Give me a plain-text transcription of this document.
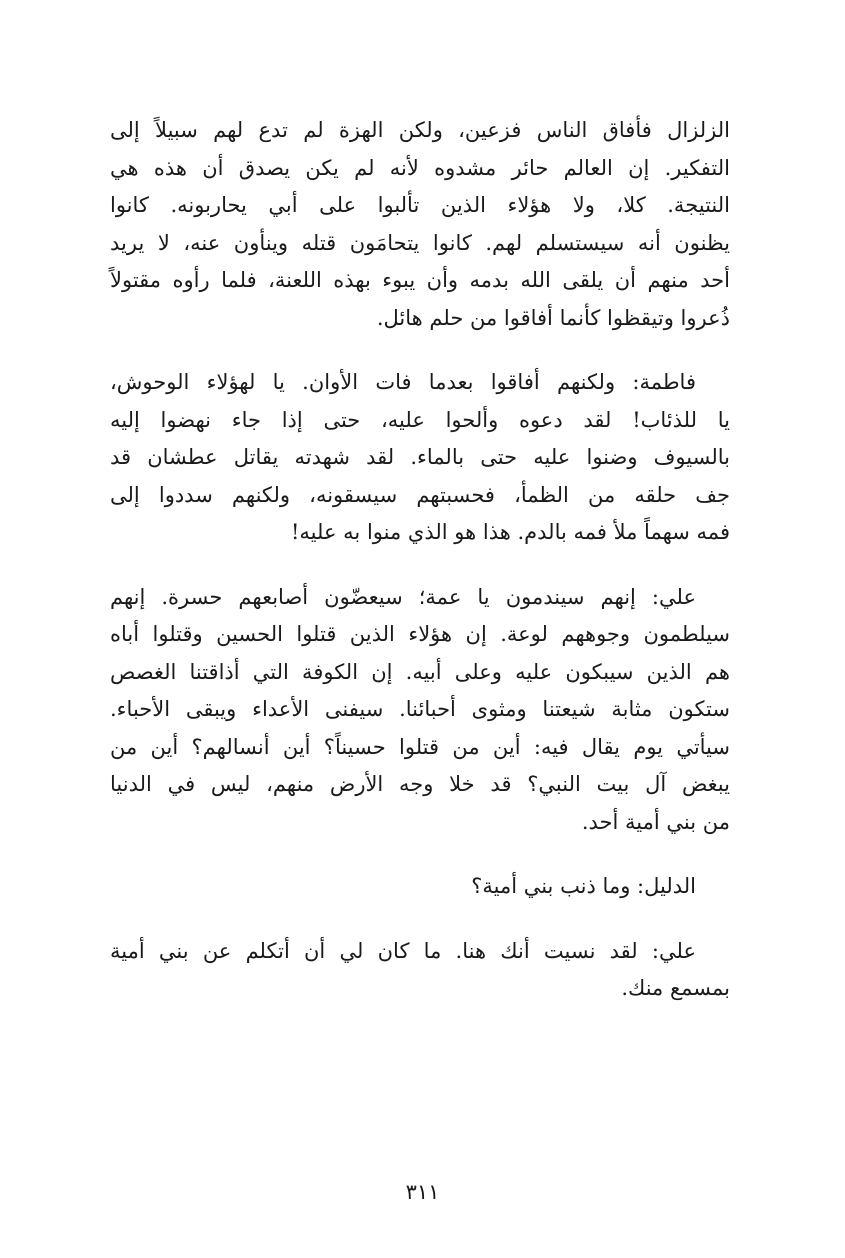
الزلزال فأفاق الناس فزعين، ولكن الهزة لم تدع لهم سبيلاً إلى
التفكير. إن العالم حائر مشدوه لأنه لم يكن يصدق أن هذه هي
النتيجة. كلا، ولا هؤلاء الذين تألبوا على أبي يحاربونه. كانوا
يظنون أنه سيستسلم لهم. كانوا يتحامَون قتله وينأون عنه، لا يريد
أحد منهم أن يلقى الله بدمه وأن يبوء بهذه اللعنة، فلما رأوه مقتولاً
ذُعروا وتيقظوا كأنما أفاقوا من حلم هائل.
فاطمة: ولكنهم أفاقوا بعدما فات الأوان. يا لهؤلاء الوحوش،
يا للذئاب! لقد دعوه وألحوا عليه، حتى إذا جاء نهضوا إليه
بالسيوف وضنوا عليه حتى بالماء. لقد شهدته يقاتل عطشان قد
جف حلقه من الظمأ، فحسبتهم سيسقونه، ولكنهم سددوا إلى
فمه سهماً ملأ فمه بالدم. هذا هو الذي منوا به عليه!
علي: إنهم سيندمون يا عمة؛ سيعضّون أصابعهم حسرة. إنهم
سيلطمون وجوههم لوعة. إن هؤلاء الذين قتلوا الحسين وقتلوا أباه
هم الذين سيبكون عليه وعلى أبيه. إن الكوفة التي أذاقتنا الغصص
ستكون مثابة شيعتنا ومثوى أحبائنا. سيفنى الأعداء ويبقى الأحباء.
سيأتي يوم يقال فيه: أين من قتلوا حسيناً؟ أين أنسالهم؟ أين من
يبغض آل بيت النبي؟ قد خلا وجه الأرض منهم، ليس في الدنيا
من بني أمية أحد.
الدليل: وما ذنب بني أمية؟
علي: لقد نسيت أنك هنا. ما كان لي أن أتكلم عن بني أمية
بمسمع منك.
٣١١
